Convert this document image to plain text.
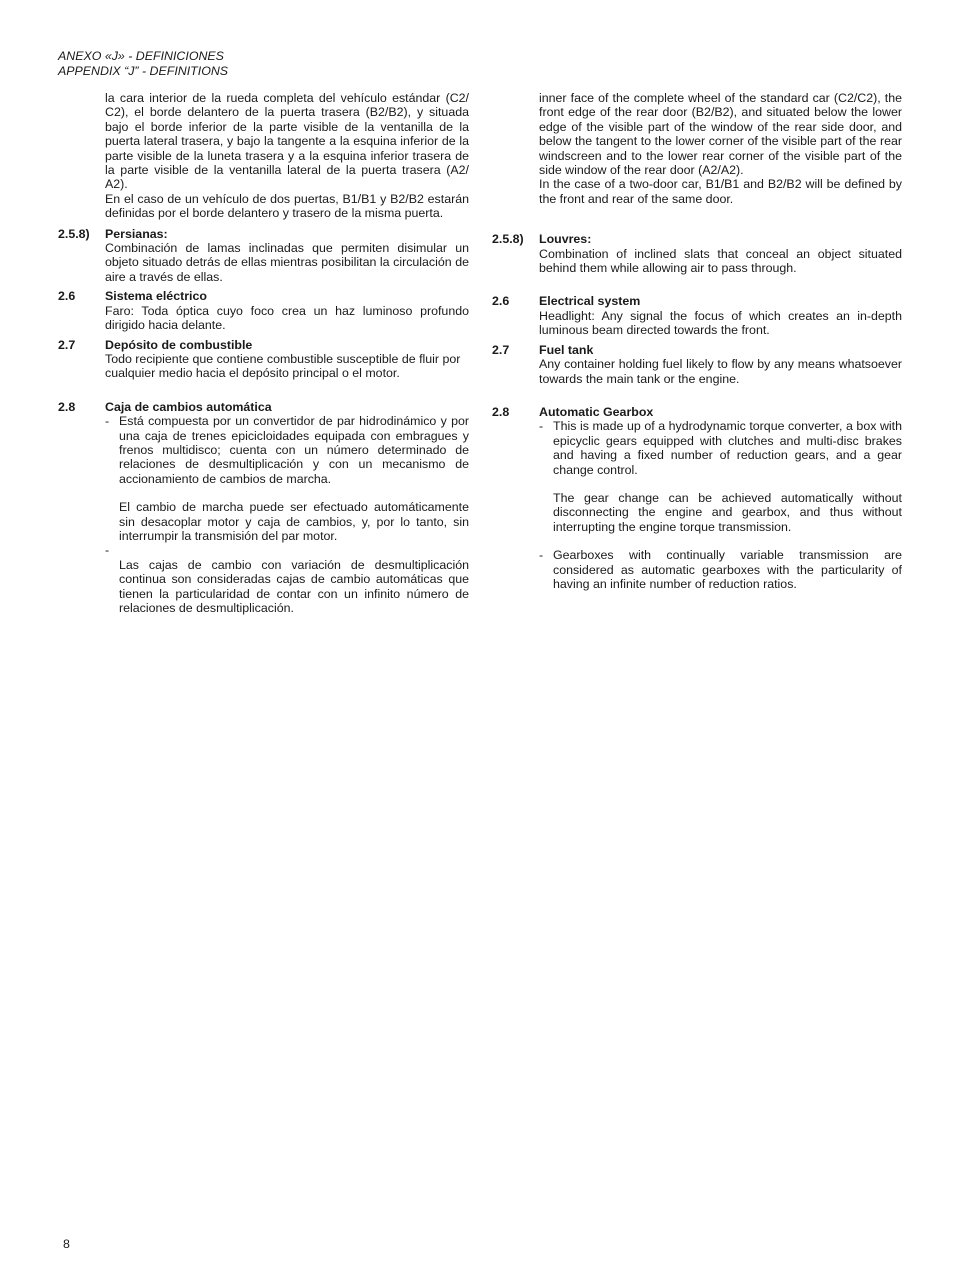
ANEXO «J» - DEFINICIONES
APPENDIX “J” - DEFINITIONS
la cara interior de la rueda completa del vehículo estándar (C2/ C2), el borde delantero de la puerta trasera (B2/B2), y situada bajo el borde inferior de la parte visible de la ventanilla de la puerta lateral trasera, y bajo la tangente a la esquina inferior de la parte visible de la luneta trasera y a la esquina inferior trasera de la parte visible de la ventanilla lateral de la puerta trasera (A2/ A2).
En el caso de un vehículo de dos puertas, B1/B1 y B2/B2 estarán definidas por el borde delantero y trasero de la misma puerta.
2.5.8) Persianas:
Combinación de lamas inclinadas que permiten disimular un objeto situado detrás de ellas mientras posibilitan la circulación de aire a través de ellas.
2.6 Sistema eléctrico
Faro: Toda óptica cuyo foco crea un haz luminoso profundo dirigido hacia delante.
2.7 Depósito de combustible
Todo recipiente que contiene combustible susceptible de fluir por cualquier medio hacia el depósito principal o el motor.
2.8 Caja de cambios automática
- Está compuesta por un convertidor de par hidrodinámico y por una caja de trenes epicicloidades equipada con embragues y frenos multidisco; cuenta con un número determinado de relaciones de desmultiplicación y con un mecanismo de accionamiento de cambios de marcha.
El cambio de marcha puede ser efectuado automáticamente sin desacoplar motor y caja de cambios, y, por lo tanto, sin interrumpir la transmisión del par motor.
-
Las cajas de cambio con variación de desmultiplicación continua son consideradas cajas de cambio automáticas que tienen la particularidad de contar con un infinito número de relaciones de desmultiplicación.
inner face of the complete wheel of the standard car (C2/C2), the front edge of the rear door (B2/B2), and situated below the lower edge of the visible part of the window of the rear side door, and below the tangent to the lower corner of the visible part of the rear windscreen and to the lower rear corner of the visible part of the side window of the rear door (A2/A2).
In the case of a two-door car, B1/B1 and B2/B2 will be defined by the front and rear of the same door.
2.5.8) Louvres:
Combination of inclined slats that conceal an object situated behind them while allowing air to pass through.
2.6 Electrical system
Headlight: Any signal the focus of which creates an in-depth luminous beam directed towards the front.
2.7 Fuel tank
Any container holding fuel likely to flow by any means whatsoever towards the main tank or the engine.
2.8 Automatic Gearbox
- This is made up of a hydrodynamic torque converter, a box with epicyclic gears equipped with clutches and multi-disc brakes and having a fixed number of reduction gears, and a gear change control.
The gear change can be achieved automatically without disconnecting the engine and gearbox, and thus without interrupting the engine torque transmission.
- Gearboxes with continually variable transmission are considered as automatic gearboxes with the particularity of having an infinite number of reduction ratios.
8
